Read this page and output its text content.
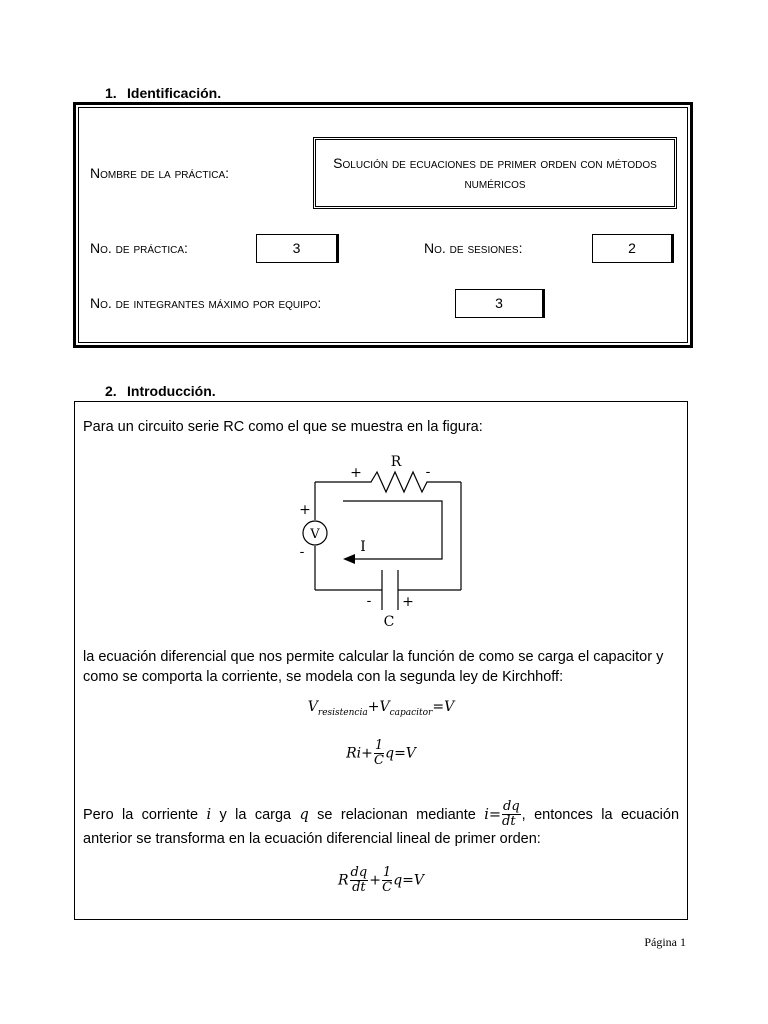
1. Identificación.
Nombre de la práctica:
Solución de ecuaciones de primer orden con métodos numéricos
No. de práctica:	3	No. de sesiones:	2
No. de integrantes máximo por equipo:	3
2. Introducción.
Para un circuito serie RC como el que se muestra en la figura:
V
R
C
I
+	-
+
-
- +
la ecuación diferencial que nos permite calcular la función de como se carga el capacitor y como se comporta la corriente, se modela con la segunda ley de Kirchhoff:
$V_{resistencia}+V_{capacitor}=V$
$Ri+ \frac{1}{C} q=V$
Pero la corriente i y la carga q se relacionan mediante $i= \frac{dq}{dt}$ , entonces la ecuación
anterior se transforma en la ecuación diferencial lineal de primer orden:
R $\frac{dq}{dt} + \frac{1}{C} q=V$
Página 1
